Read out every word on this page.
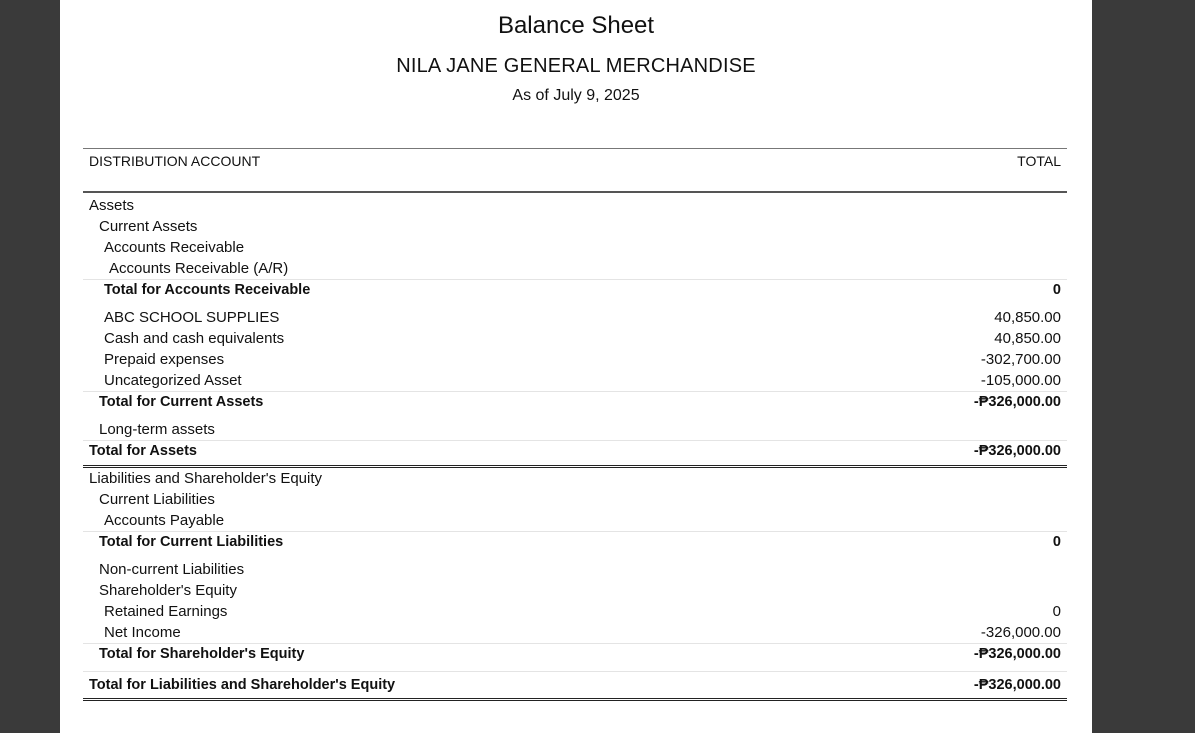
Balance Sheet
NILA JANE GENERAL MERCHANDISE
As of July 9, 2025
DISTRIBUTION ACCOUNT	TOTAL
Assets
Current Assets
Accounts Receivable
Accounts Receivable (A/R)
Total for Accounts Receivable	0
ABC SCHOOL SUPPLIES	40,850.00
Cash and cash equivalents	40,850.00
Prepaid expenses	-302,700.00
Uncategorized Asset	-105,000.00
Total for Current Assets	-₱326,000.00
Long-term assets
Total for Assets	-₱326,000.00
Liabilities and Shareholder's Equity
Current Liabilities
Accounts Payable
Total for Current Liabilities	0
Non-current Liabilities
Shareholder's Equity
Retained Earnings	0
Net Income	-326,000.00
Total for Shareholder's Equity	-₱326,000.00
Total for Liabilities and Shareholder's Equity	-₱326,000.00
